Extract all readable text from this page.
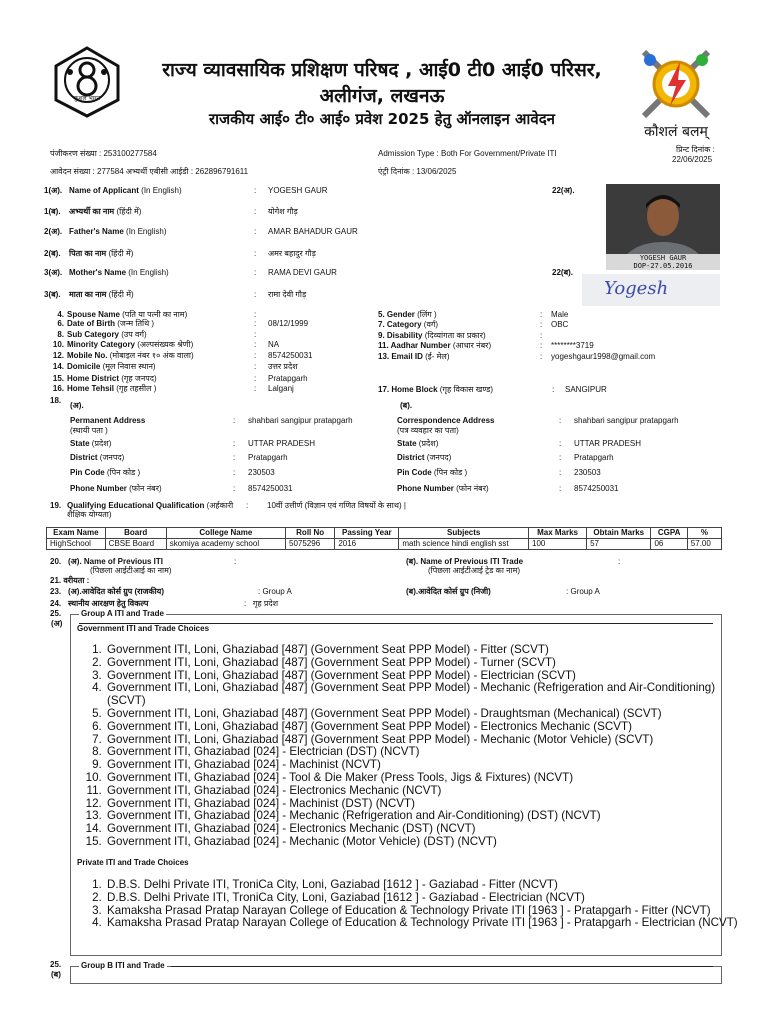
कुशल भारत
राज्य व्यावसायिक प्रशिक्षण परिषद , आई0 टी0 आई0 परिसर,
अलीगंज, लखनऊ
राजकीय आई० टी० आई० प्रवेश 2025 हेतु ऑनलाइन आवेदन
कौशलं बलम्
पंजीकरण संख्या : 253100277584
आवेदन संख्या : 277584 अभ्यर्थी एबीसी आईडी : 262896791611
Admission Type : Both For Government/Private ITI
एंट्री दिनांक : 13/06/2025
प्रिन्ट दिनांक :
22/06/2025
1(अ). Name of Applicant (In English)	: YOGESH GAUR
1(ब). अभ्यर्थी का नाम (हिंदी में)	: योगेश गौड़
2(अ). Father's Name (In English)	: AMAR BAHADUR GAUR
2(ब). पिता का नाम (हिंदी में)	: अमर बहादुर गौड़
3(अ). Mother's Name (In English)	: RAMA DEVI GAUR
3(ब). माता का नाम (हिंदी में)	: रामा देवी गौड़
22(अ).
YOGESH GAUR
DOP-27.05.2016
22(ब).
Yogesh
4. Spouse Name (पति या पत्नी का नाम)	:
6. Date of Birth (जन्म तिथि )	: 08/12/1999
8. Sub Category (उप वर्ग)	:
10. Minority Category (अल्पसंख्यक श्रेणी)	: NA
12. Mobile No. (मोबाइल नंबर १० अंक वाला)	: 8574250031
14. Domicile (मूल निवास स्थान)	: उत्तर प्रदेश
15. Home District (गृह जनपद)	: Pratapgarh
16. Home Tehsil (गृह तहसील )	: Lalganj
5. Gender (लिंग )	: Male
7. Category (वर्ग)	: OBC
9. Disability (दिव्यांगता का प्रकार)	:
11. Aadhar Number (आधार नंबर)	: ********3719
13. Email ID (ई- मेल)	: yogeshgaur1998@gmail.com
17. Home Block (गृह विकास खण्ड)	: SANGIPUR
18.
(अ).	(ब).
Permanent Address
(स्थायी पता )
: shahbari sangipur pratapgarh
State (प्रदेश)	: UTTAR PRADESH
District (जनपद)	: Pratapgarh
Pin Code (पिन कोड )	: 230503
Phone Number (फोन नंबर)	: 8574250031
Correspondence Address
(पत्र व्यवहार का पता)
: shahbari sangipur pratapgarh
State (प्रदेश)	: UTTAR PRADESH
District (जनपद)	: Pratapgarh
Pin Code (पिन कोड )	: 230503
Phone Number (फोन नंबर)	: 8574250031
19. Qualifying Educational Qualification (अर्हकारी
शैक्षिक योग्यता)
: 10वीं उत्तीर्ण (विज्ञान एवं गणित विषयों के साथ) |
Exam Name	Board	College Name	Roll No	Passing Year	Subjects	Max Marks	Obtain Marks	CGPA	%
HighSchool	CBSE Board	skomiya academy school	5075296	2016	math science hindi english sst	100	57	06	57.00
20. (अ). Name of Previous ITI
(पिछला आईटीआई का नाम)
:	(ब). Name of Previous ITI Trade
(पिछला आईटीआई ट्रेड का नाम)
:
21. वरीयता :
23. (अ).आवेदित कोर्स ग्रुप (राजकीय)	: Group A	(ब).आवेदित कोर्स ग्रुप (निजी)	: Group A
24. स्थानीय आरक्षण हेतु विकल्प	:   गृह प्रदेश
25.
(अ)
Group A ITI and Trade
Government ITI and Trade Choices
1. Government ITI, Loni, Ghaziabad [487] (Government Seat PPP Model) - Fitter (SCVT)
2. Government ITI, Loni, Ghaziabad [487] (Government Seat PPP Model) - Turner (SCVT)
3. Government ITI, Loni, Ghaziabad [487] (Government Seat PPP Model) - Electrician (SCVT)
4. Government ITI, Loni, Ghaziabad [487] (Government Seat PPP Model) - Mechanic (Refrigeration and Air-Conditioning) (SCVT)
5. Government ITI, Loni, Ghaziabad [487] (Government Seat PPP Model) - Draughtsman (Mechanical) (SCVT)
6. Government ITI, Loni, Ghaziabad [487] (Government Seat PPP Model) - Electronics Mechanic (SCVT)
7. Government ITI, Loni, Ghaziabad [487] (Government Seat PPP Model) - Mechanic (Motor Vehicle) (SCVT)
8. Government ITI, Ghaziabad [024] - Electrician (DST) (NCVT)
9. Government ITI, Ghaziabad [024] - Machinist (NCVT)
10. Government ITI, Ghaziabad [024] - Tool & Die Maker (Press Tools, Jigs & Fixtures) (NCVT)
11. Government ITI, Ghaziabad [024] - Electronics Mechanic (NCVT)
12. Government ITI, Ghaziabad [024] - Machinist (DST) (NCVT)
13. Government ITI, Ghaziabad [024] - Mechanic (Refrigeration and Air-Conditioning) (DST) (NCVT)
14. Government ITI, Ghaziabad [024] - Electronics Mechanic (DST) (NCVT)
15. Government ITI, Ghaziabad [024] - Mechanic (Motor Vehicle) (DST) (NCVT)
Private ITI and Trade Choices
1. D.B.S. Delhi Private ITI, TroniCa City, Loni, Gaziabad [1612 ] - Gaziabad - Fitter (NCVT)
2. D.B.S. Delhi Private ITI, TroniCa City, Loni, Gaziabad [1612 ] - Gaziabad - Electrician (NCVT)
3. Kamaksha Prasad Pratap Narayan College of Education & Technology Private ITI [1963 ] - Pratapgarh - Fitter (NCVT)
4. Kamaksha Prasad Pratap Narayan College of Education & Technology Private ITI [1963 ] - Pratapgarh - Electrician (NCVT)
25.
(ब)
Group B ITI and Trade
